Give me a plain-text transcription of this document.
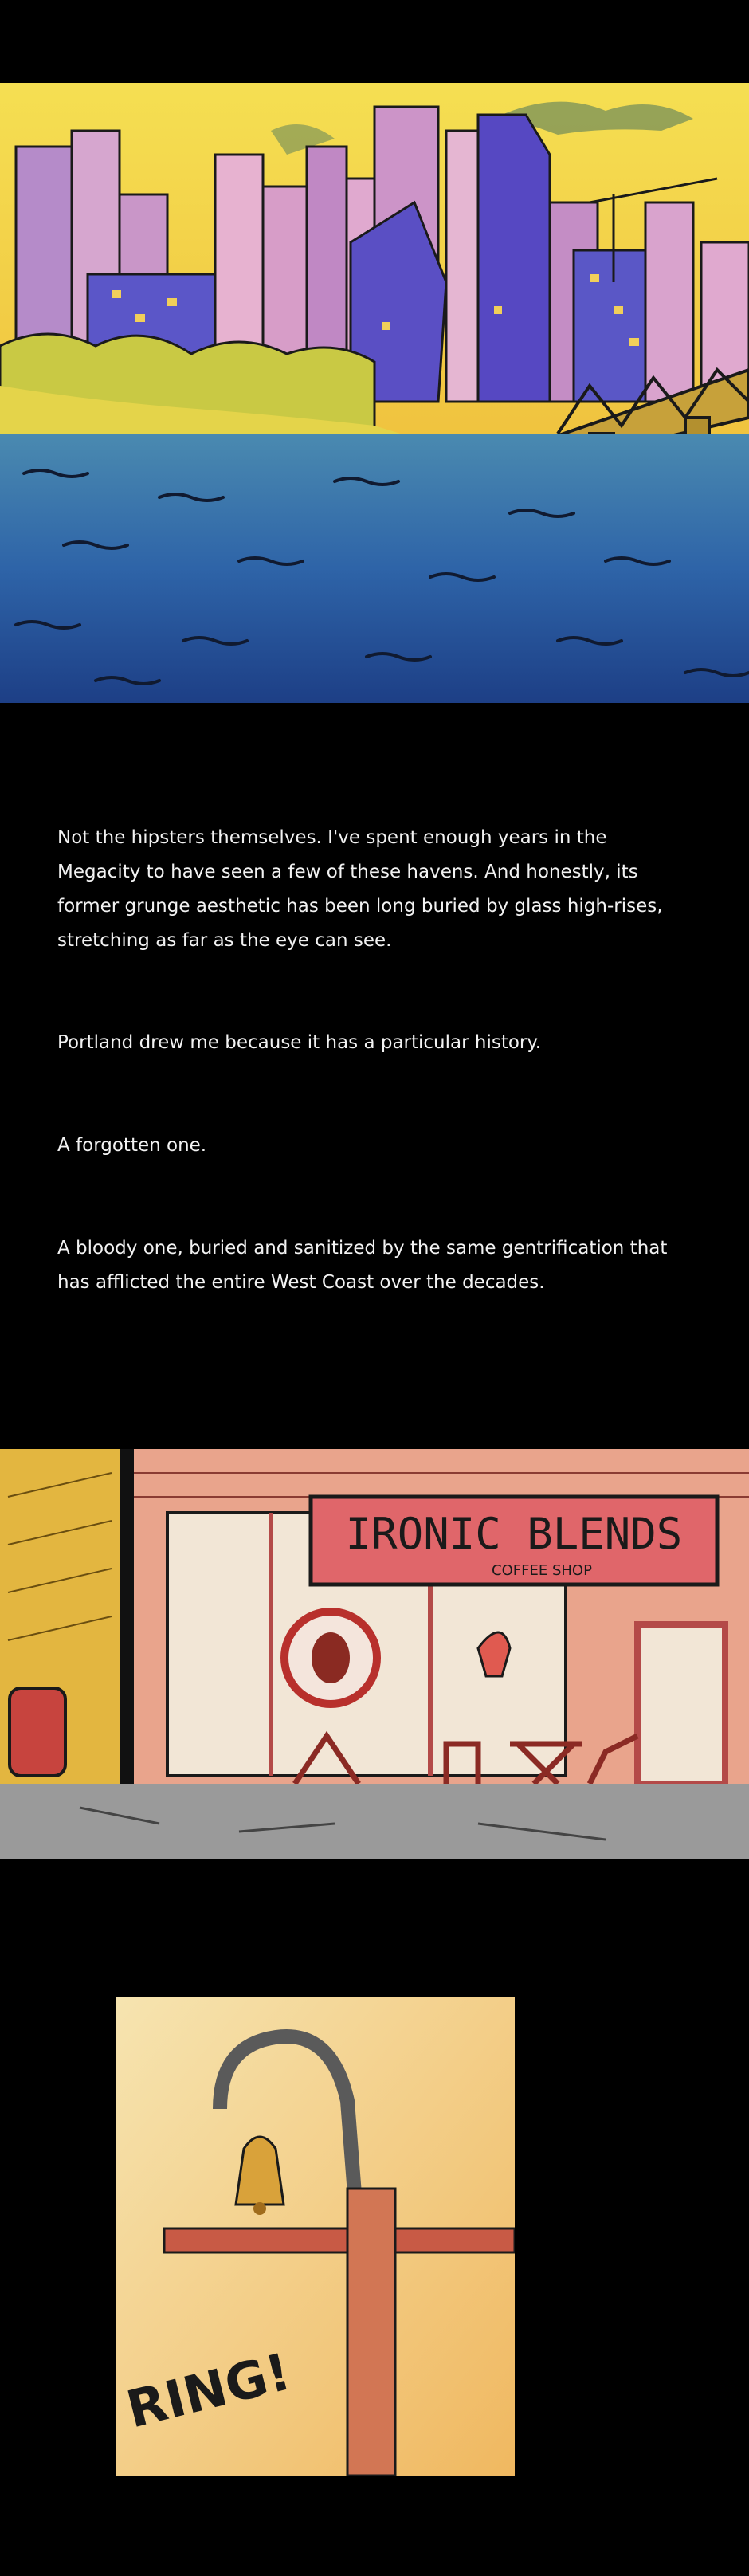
Not the hipsters themselves. I've spent enough years in the Megacity to have seen a few of these havens. And honestly, its former grunge aesthetic has been long buried by glass high-rises, stretching as far as the eye can see.

Portland drew me because it has a particular history.

A forgotten one.

A bloody one, buried and sanitized by the same gentrification that has afflicted the entire West Coast over the decades.

IRONIC BLENDS
COFFEE SHOP
RING!
